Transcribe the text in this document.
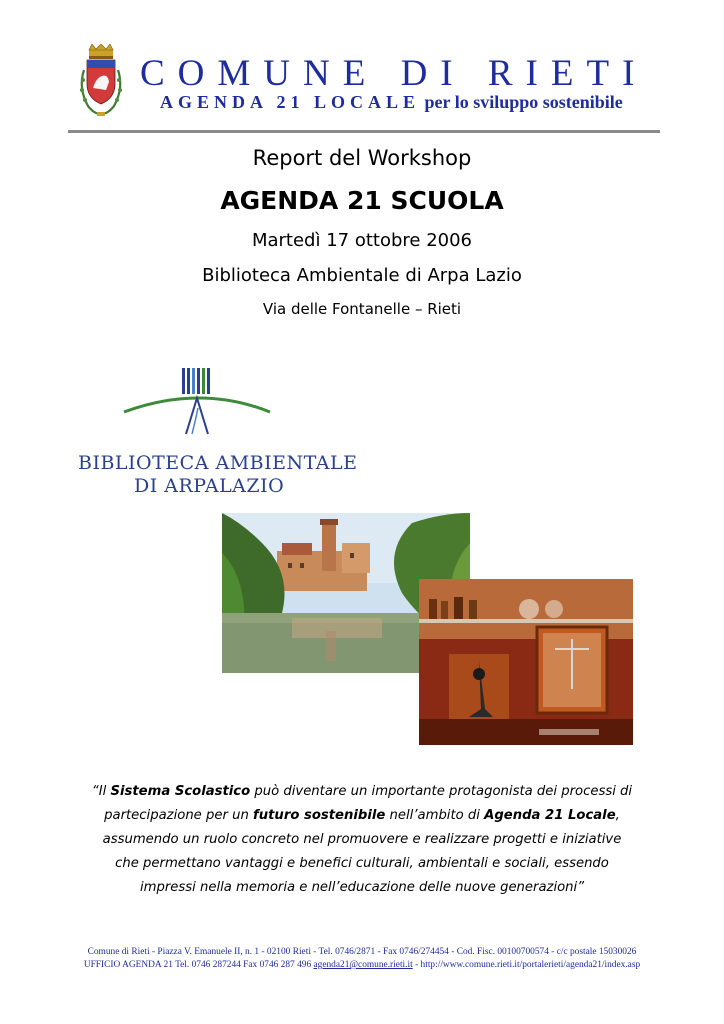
COMUNE DI RIETI
AGENDA 21 LOCALE per lo sviluppo sostenibile
Report del Workshop
AGENDA 21 SCUOLA
Martedì 17 ottobre 2006
Biblioteca Ambientale di Arpa Lazio
Via delle Fontanelle – Rieti
BIBLIOTECA AMBIENTALE
DI ARPALAZIO
“Il Sistema Scolastico può diventare un importante protagonista dei processi di partecipazione per un futuro sostenibile nell’ambito di Agenda 21 Locale, assumendo un ruolo concreto nel promuovere e realizzare progetti e iniziative che permettano vantaggi e benefici culturali, ambientali e sociali, essendo impressi nella memoria e nell’educazione delle nuove generazioni”
Comune di Rieti - Piazza V. Emanuele II, n. 1 - 02100 Rieti - Tel. 0746/2871 - Fax 0746/274454 - Cod. Fisc. 00100700574 - c/c postale 15030026
UFFICIO AGENDA 21 Tel. 0746 287244 Fax 0746 287 496 agenda21@comune.rieti.it - http://www.comune.rieti.it/portalerieti/agenda21/index.asp
